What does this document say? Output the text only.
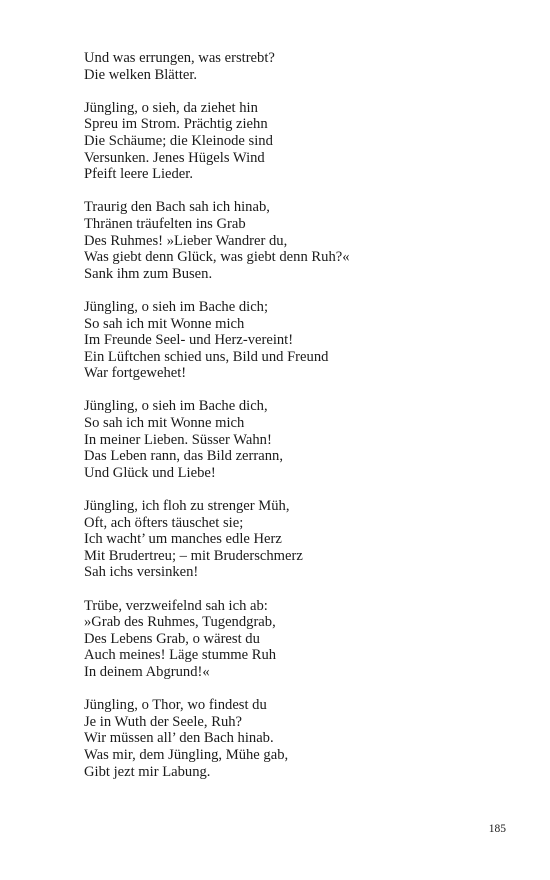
Und was errungen, was erstrebt?
Die welken Blätter.
Jüngling, o sieh, da ziehet hin
Spreu im Strom. Prächtig ziehn
Die Schäume; die Kleinode sind
Versunken. Jenes Hügels Wind
Pfeift leere Lieder.
Traurig den Bach sah ich hinab,
Thränen träufelten ins Grab
Des Ruhmes! »Lieber Wandrer du,
Was giebt denn Glück, was giebt denn Ruh?«
Sank ihm zum Busen.
Jüngling, o sieh im Bache dich;
So sah ich mit Wonne mich
Im Freunde Seel- und Herz-vereint!
Ein Lüftchen schied uns, Bild und Freund
War fortgewehet!
Jüngling, o sieh im Bache dich,
So sah ich mit Wonne mich
In meiner Lieben. Süsser Wahn!
Das Leben rann, das Bild zerrann,
Und Glück und Liebe!
Jüngling, ich floh zu strenger Müh,
Oft, ach öfters täuschet sie;
Ich wacht’ um manches edle Herz
Mit Brudertreu; – mit Bruderschmerz
Sah ichs versinken!
Trübe, verzweifelnd sah ich ab:
»Grab des Ruhmes, Tugendgrab,
Des Lebens Grab, o wärest du
Auch meines! Läge stumme Ruh
In deinem Abgrund!«
Jüngling, o Thor, wo findest du
Je in Wuth der Seele, Ruh?
Wir müssen all’ den Bach hinab.
Was mir, dem Jüngling, Mühe gab,
Gibt jezt mir Labung.
185
